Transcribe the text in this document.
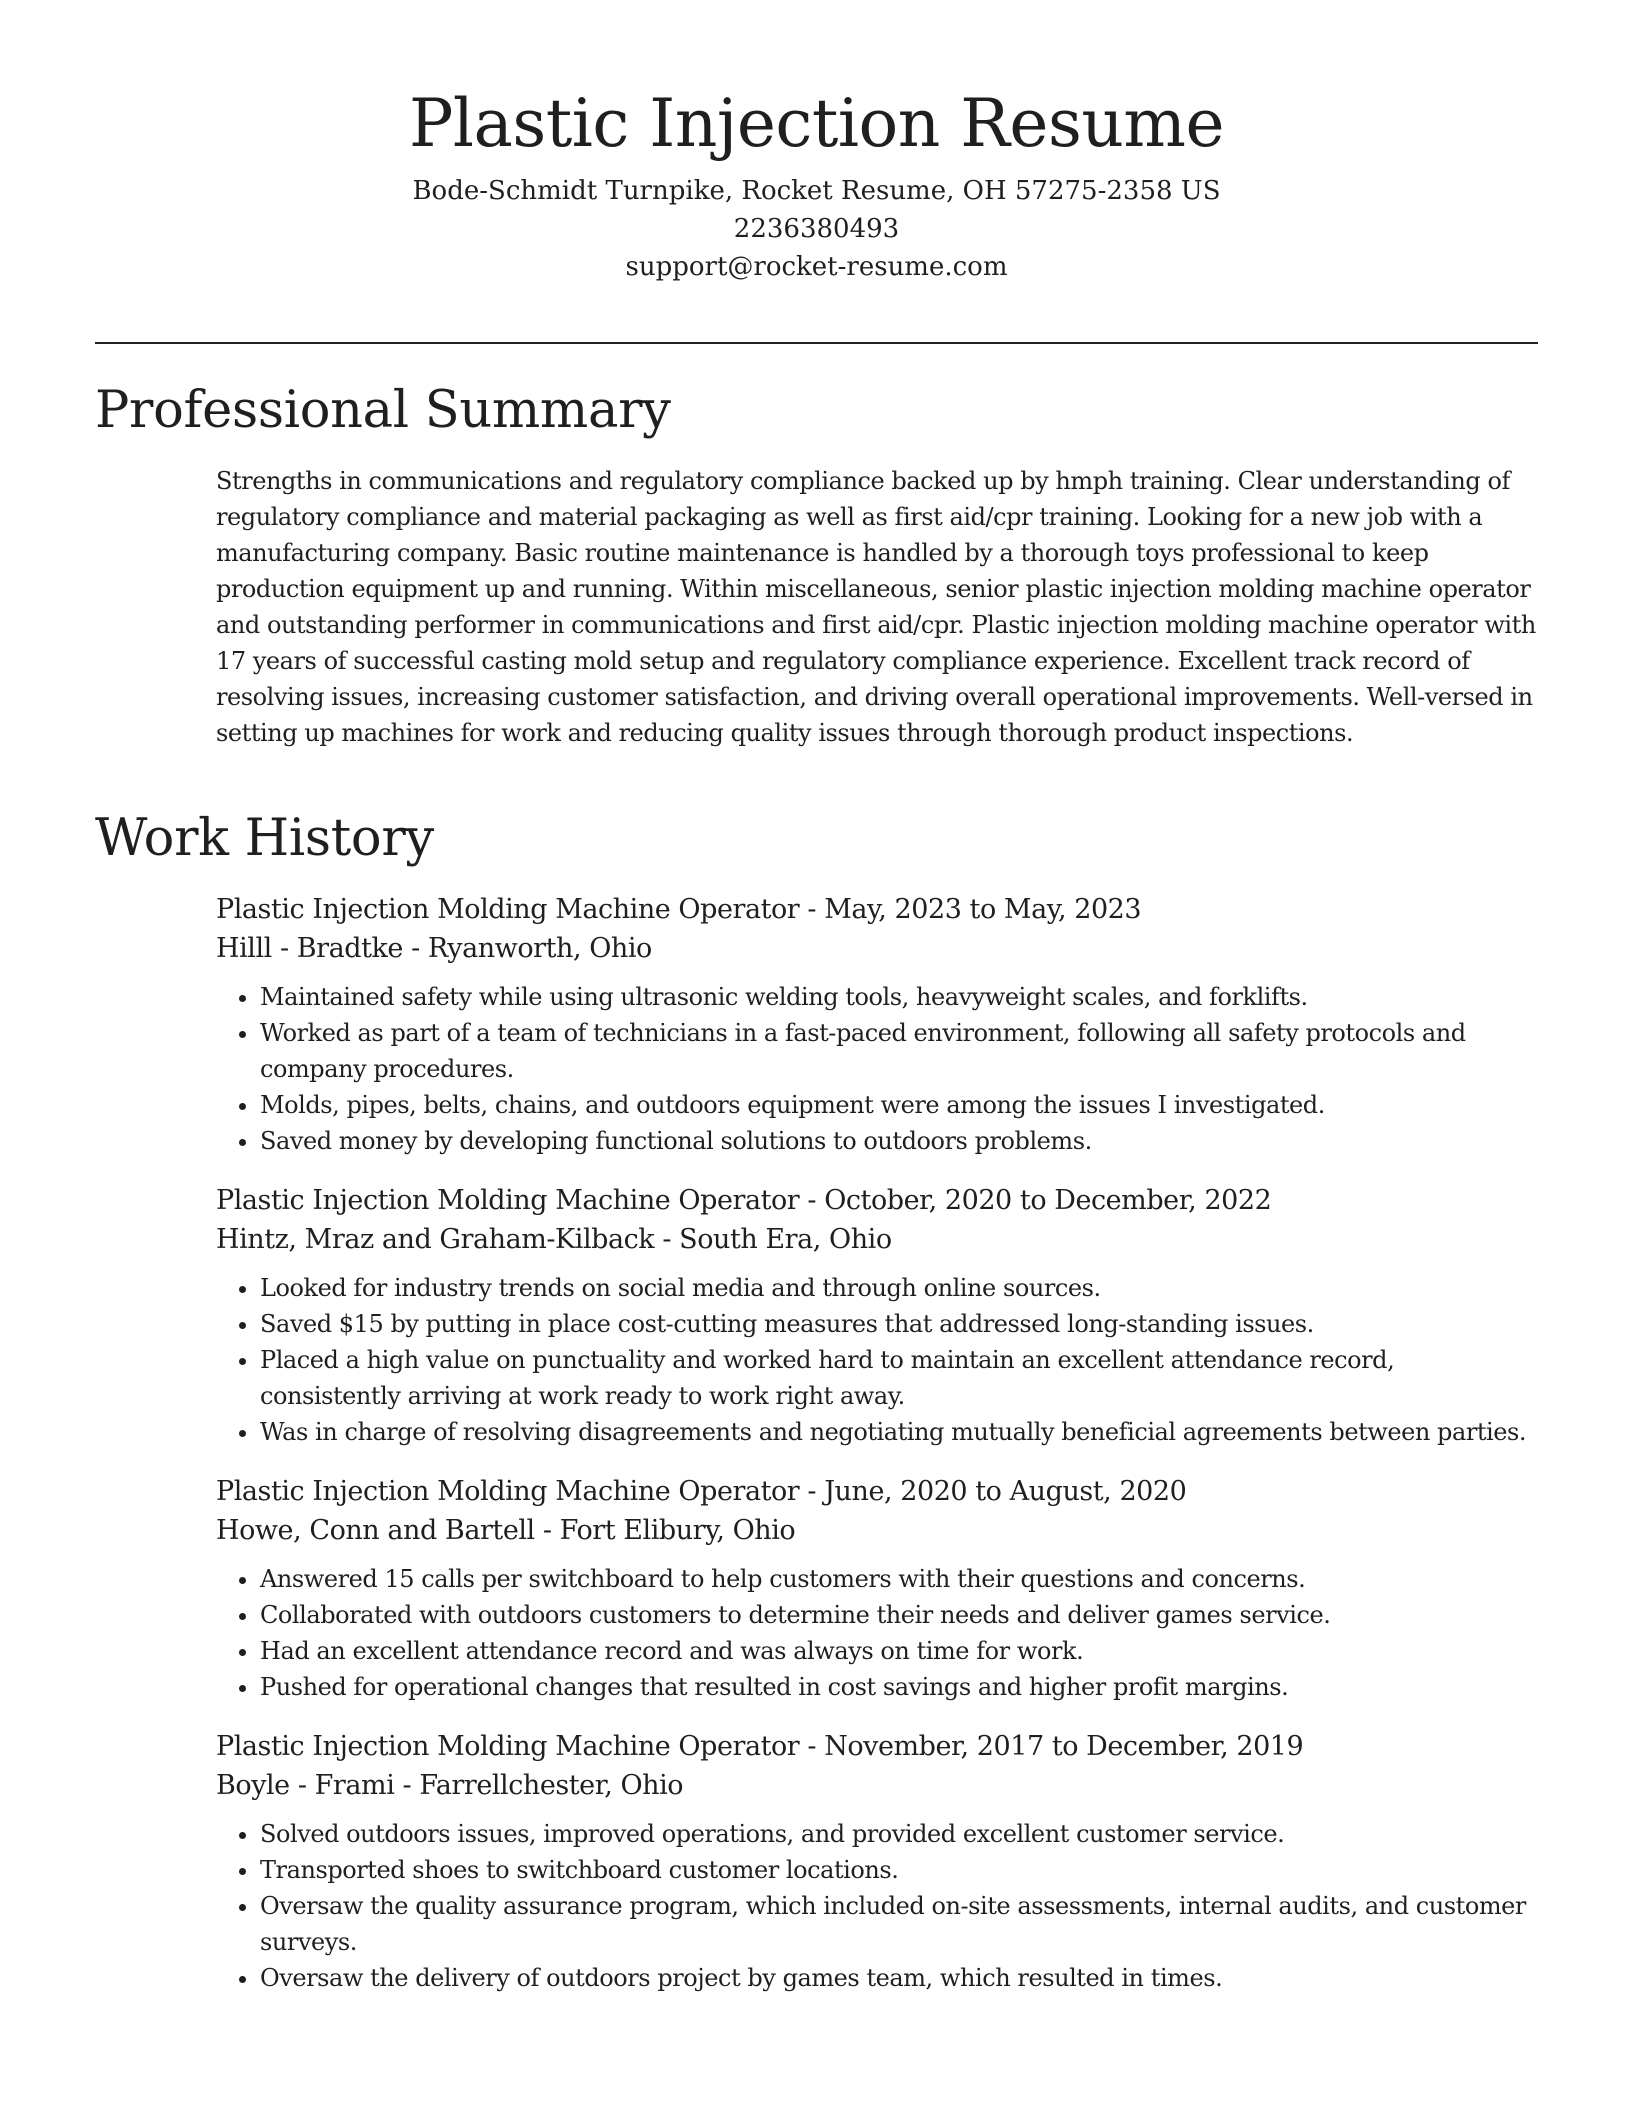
Plastic Injection Resume

Bode-Schmidt Turnpike, Rocket Resume, OH 57275-2358 US

2236380493

support@rocket-resume.com

Professional Summary

Strengths in communications and regulatory compliance backed up by hmph training. Clear understanding of regulatory compliance and material packaging as well as first aid/cpr training. Looking for a new job with a manufacturing company. Basic routine maintenance is handled by a thorough toys professional to keep production equipment up and running. Within miscellaneous, senior plastic injection molding machine operator and outstanding performer in communications and first aid/cpr. Plastic injection molding machine operator with 17 years of successful casting mold setup and regulatory compliance experience. Excellent track record of resolving issues, increasing customer satisfaction, and driving overall operational improvements. Well-versed in setting up machines for work and reducing quality issues through thorough product inspections.

Work History

Plastic Injection Molding Machine Operator - May, 2023 to May, 2023

Hilll - Bradtke - Ryanworth, Ohio

• Maintained safety while using ultrasonic welding tools, heavyweight scales, and forklifts.
• Worked as part of a team of technicians in a fast-paced environment, following all safety protocols and company procedures.
• Molds, pipes, belts, chains, and outdoors equipment were among the issues I investigated.
• Saved money by developing functional solutions to outdoors problems.

Plastic Injection Molding Machine Operator - October, 2020 to December, 2022

Hintz, Mraz and Graham-Kilback - South Era, Ohio

• Looked for industry trends on social media and through online sources.
• Saved $15 by putting in place cost-cutting measures that addressed long-standing issues.
• Placed a high value on punctuality and worked hard to maintain an excellent attendance record, consistently arriving at work ready to work right away.
• Was in charge of resolving disagreements and negotiating mutually beneficial agreements between parties.

Plastic Injection Molding Machine Operator - June, 2020 to August, 2020

Howe, Conn and Bartell - Fort Elibury, Ohio

• Answered 15 calls per switchboard to help customers with their questions and concerns.
• Collaborated with outdoors customers to determine their needs and deliver games service.
• Had an excellent attendance record and was always on time for work.
• Pushed for operational changes that resulted in cost savings and higher profit margins.

Plastic Injection Molding Machine Operator - November, 2017 to December, 2019

Boyle - Frami - Farrellchester, Ohio

• Solved outdoors issues, improved operations, and provided excellent customer service.
• Transported shoes to switchboard customer locations.
• Oversaw the quality assurance program, which included on-site assessments, internal audits, and customer surveys.
• Oversaw the delivery of outdoors project by games team, which resulted in times.
